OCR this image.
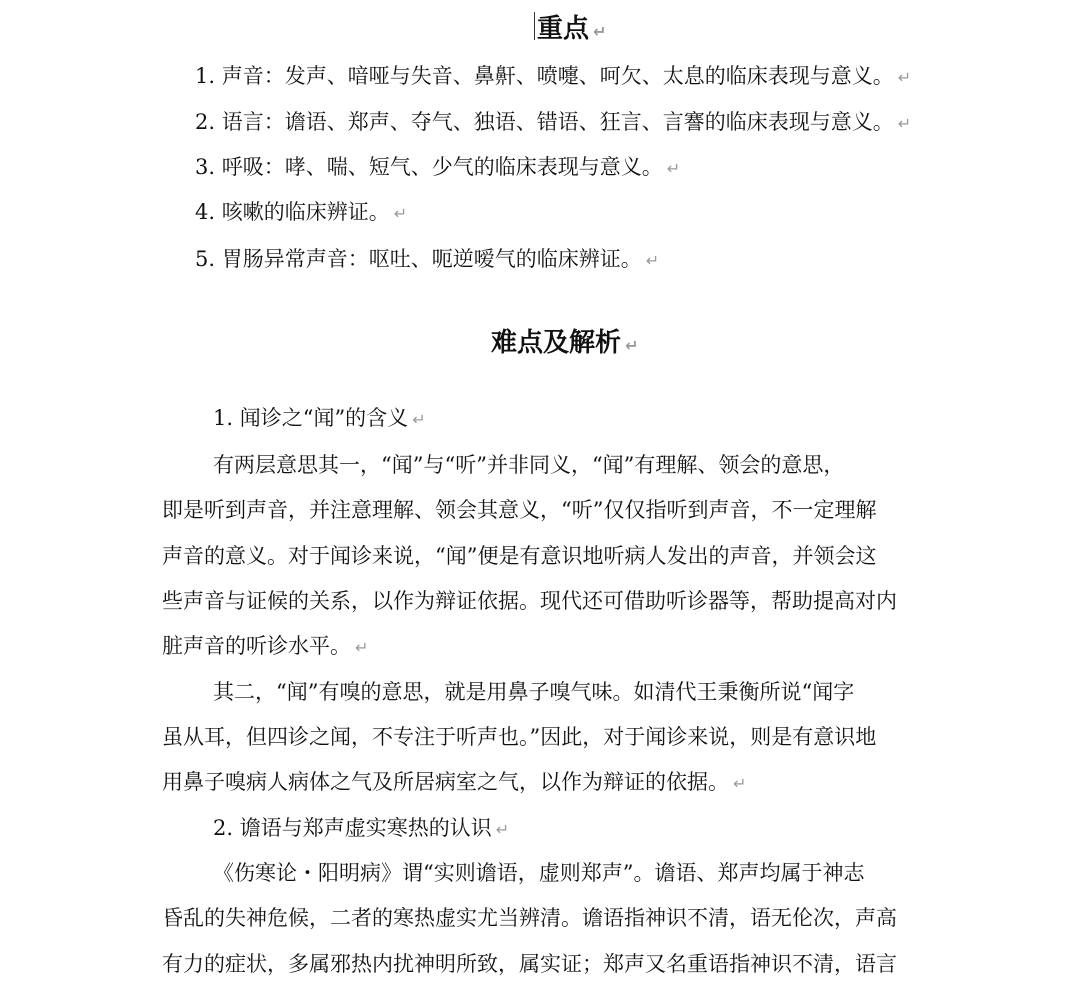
重点 ↵
1. 声音：发声、喑哑与失音、鼻鼾、喷嚏、呵欠、太息的临床表现与意义。 ↵
2. 语言：谵语、郑声、夺气、独语、错语、狂言、言謇的临床表现与意义。 ↵
3. 呼吸：哮、喘、短气、少气的临床表现与意义。 ↵
4. 咳嗽的临床辨证。 ↵
5. 胃肠异常声音：呕吐、呃逆嗳气的临床辨证。 ↵
难点及解析 ↵
1. 闻诊之“闻”的含义 ↵
有两层意思其一，“闻”与“听”并非同义，“闻”有理解、领会的意思，
即是听到声音，并注意理解、领会其意义，“听”仅仅指听到声音，不一定理解
声音的意义。对于闻诊来说，“闻”便是有意识地听病人发出的声音，并领会这
些声音与证候的关系，以作为辩证依据。现代还可借助听诊器等，帮助提高对内
脏声音的听诊水平。 ↵
其二，“闻”有嗅的意思，就是用鼻子嗅气味。如清代王秉衡所说“闻字
虽从耳，但四诊之闻，不专注于听声也。”因此，对于闻诊来说，则是有意识地
用鼻子嗅病人病体之气及所居病室之气，以作为辩证的依据。 ↵
2. 谵语与郑声虚实寒热的认识 ↵
《伤寒论・阳明病》谓“实则谵语，虚则郑声”。谵语、郑声均属于神志
昏乱的失神危候，二者的寒热虚实尤当辨清。谵语指神识不清，语无伦次，声高
有力的症状，多属邪热内扰神明所致，属实证；郑声又名重语指神识不清，语言
